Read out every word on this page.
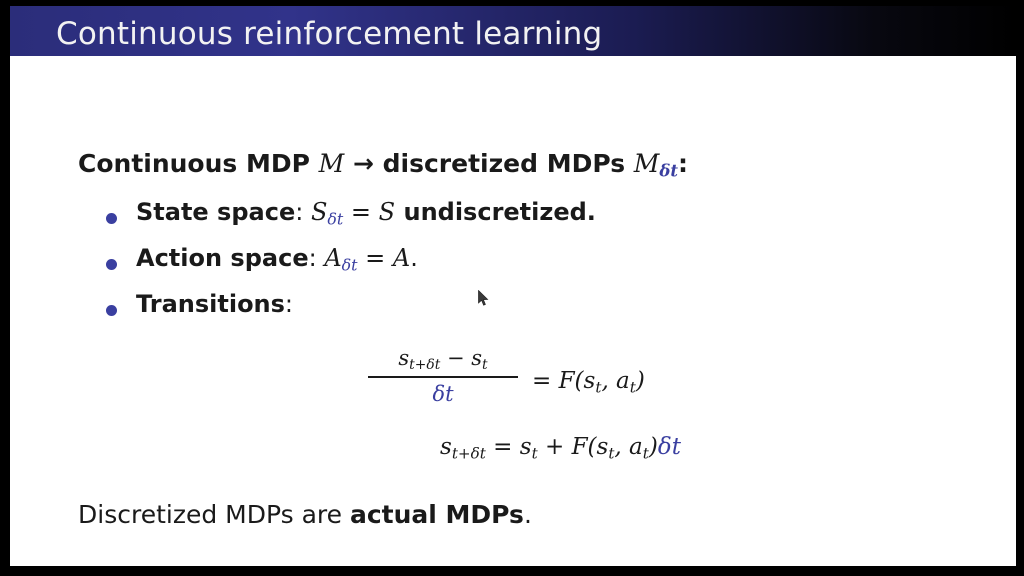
Continuous reinforcement learning
Continuous MDP M → discretized MDPs $M_{\delta t}$:
State space: $S_{\delta t} = S$ undiscretized.
Action space: $A_{\delta t} = A$.
Transitions:
$s_{t+\delta t} - s_t$
δt	= $F(s_t$, $a_t$)
$s_{t+\delta t} = s_t + F(s_t$, $a_t)\delta t$
Discretized MDPs are actual MDPs.
